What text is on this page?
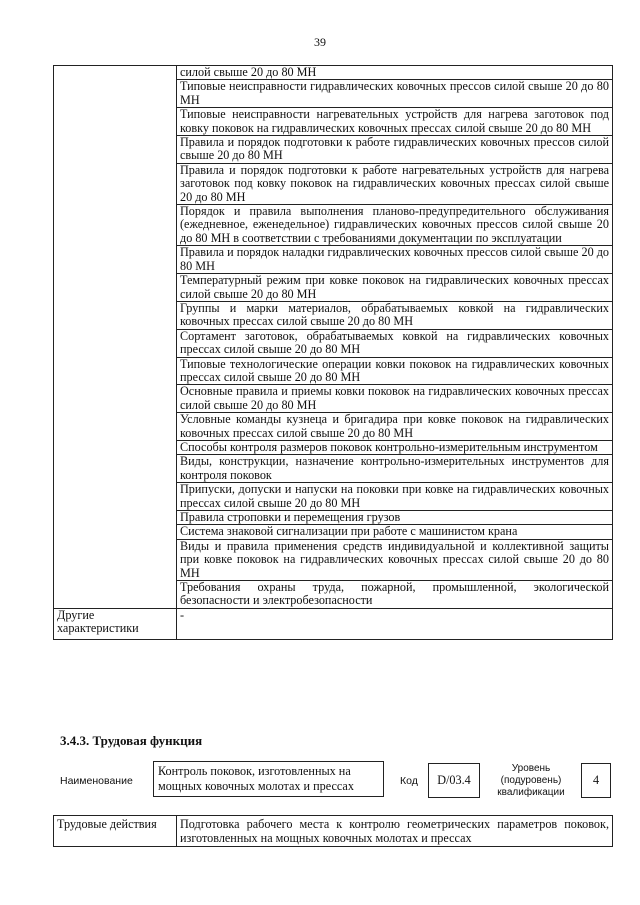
39
	силой свыше 20 до 80 МН
	Типовые неисправности гидравлических ковочных прессов силой свыше 20 до 80 МН
	Типовые неисправности нагревательных устройств для нагрева заготовок под ковку поковок на гидравлических ковочных прессах силой свыше 20 до 80 МН
	Правила и порядок подготовки к работе гидравлических ковочных прессов силой свыше 20 до 80 МН
	Правила и порядок подготовки к работе нагревательных устройств для нагрева заготовок под ковку поковок на гидравлических ковочных прессах силой свыше 20 до 80 МН
	Порядок и правила выполнения планово-предупредительного обслуживания (ежедневное, еженедельное) гидравлических ковочных прессов силой свыше 20 до 80 МН в соответствии с требованиями документации по эксплуатации
	Правила и порядок наладки гидравлических ковочных прессов силой свыше 20 до 80 МН
	Температурный режим при ковке поковок на гидравлических ковочных прессах силой свыше 20 до 80 МН
	Группы и марки материалов, обрабатываемых ковкой на гидравлических ковочных прессах силой свыше 20 до 80 МН
	Сортамент заготовок, обрабатываемых ковкой на гидравлических ковочных прессах силой свыше 20 до 80 МН
	Типовые технологические операции ковки поковок на гидравлических ковочных прессах силой свыше 20 до 80 МН
	Основные правила и приемы ковки поковок на гидравлических ковочных прессах силой свыше 20 до 80 МН
	Условные команды кузнеца и бригадира при ковке поковок на гидравлических ковочных прессах силой свыше 20 до 80 МН
	Способы контроля размеров поковок контрольно-измерительным инструментом
	Виды, конструкции, назначение контрольно-измерительных инструментов для контроля поковок
	Припуски, допуски и напуски на поковки при ковке на гидравлических ковочных прессах силой свыше 20 до 80 МН
	Правила строповки и перемещения грузов
	Система знаковой сигнализации при работе с машинистом крана
	Виды и правила применения средств индивидуальной и коллективной защиты при ковке поковок на гидравлических ковочных прессах силой свыше 20 до 80 МН
	Требования охраны труда, пожарной, промышленной, экологической безопасности и электробезопасности
Другие характеристики	-
3.4.3. Трудовая функция
Наименование
Контроль поковок, изготовленных на мощных ковочных молотах и прессах	Код	D/03.4
Уровень (подуровень) квалификации
4
Трудовые действия	Подготовка рабочего места к контролю геометрических параметров поковок, изготовленных на мощных ковочных молотах и прессах
